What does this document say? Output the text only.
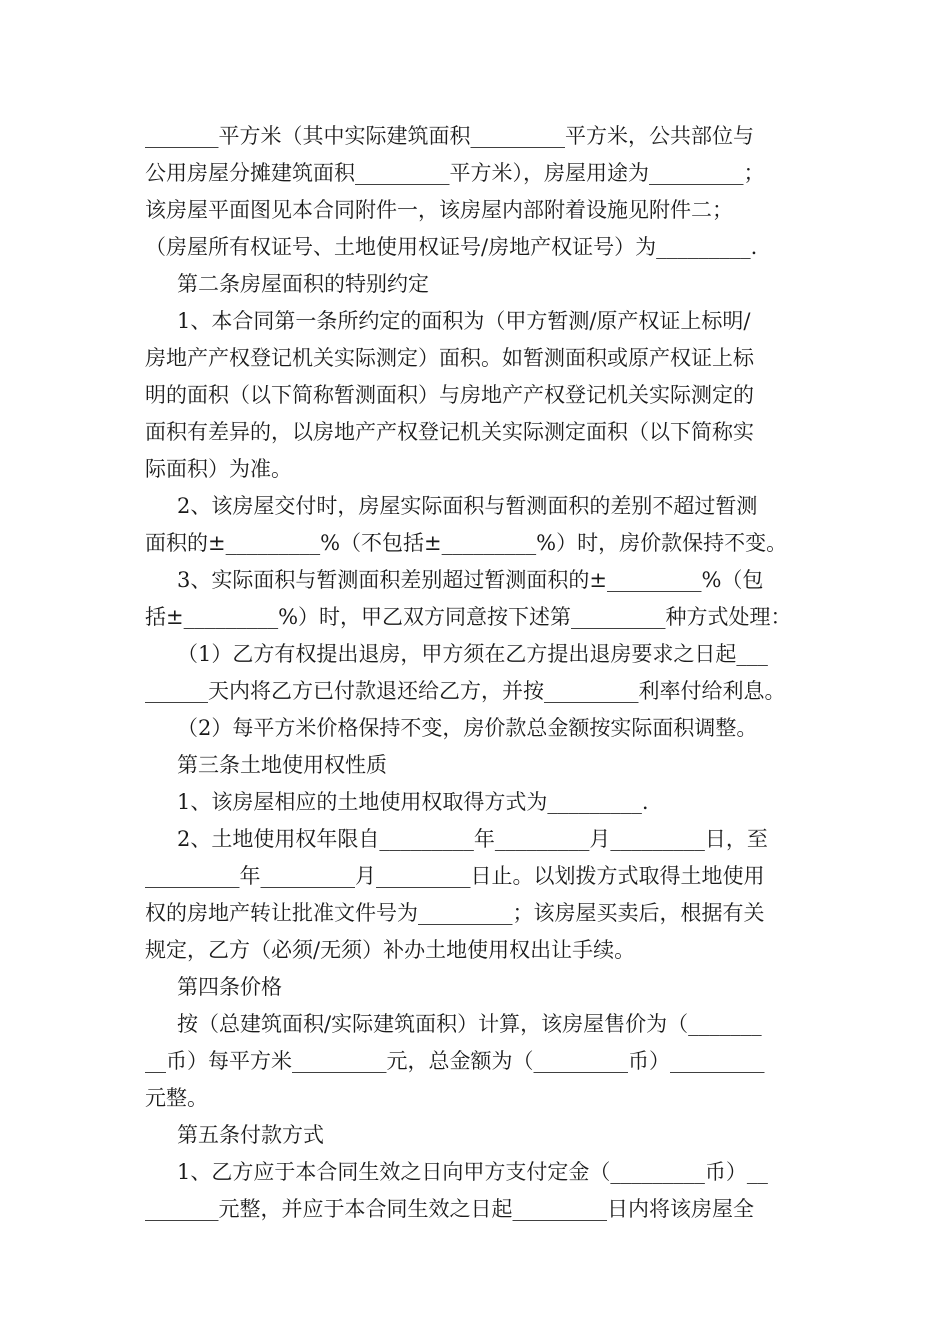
_______平方米（其中实际建筑面积_________平方米，公共部位与
公用房屋分摊建筑面积_________平方米），房屋用途为_________；
该房屋平面图见本合同附件一，该房屋内部附着设施见附件二；
（房屋所有权证号、土地使用权证号/房地产权证号）为_________.
第二条房屋面积的特别约定
1、本合同第一条所约定的面积为（甲方暂测/原产权证上标明/
房地产产权登记机关实际测定）面积。如暂测面积或原产权证上标
明的面积（以下简称暂测面积）与房地产产权登记机关实际测定的
面积有差异的，以房地产产权登记机关实际测定面积（以下简称实
际面积）为准。
2、该房屋交付时，房屋实际面积与暂测面积的差别不超过暂测
面积的±_________%（不包括±_________%）时，房价款保持不变。
3、实际面积与暂测面积差别超过暂测面积的±_________%（包
括±_________%）时，甲乙双方同意按下述第_________种方式处理：
（1）乙方有权提出退房，甲方须在乙方提出退房要求之日起___
______天内将乙方已付款退还给乙方，并按_________利率付给利息。
（2）每平方米价格保持不变，房价款总金额按实际面积调整。
第三条土地使用权性质
1、该房屋相应的土地使用权取得方式为_________.
2、土地使用权年限自_________年_________月_________日，至
_________年_________月_________日止。以划拨方式取得土地使用
权的房地产转让批准文件号为_________；该房屋买卖后，根据有关
规定，乙方（必须/无须）补办土地使用权出让手续。
第四条价格
按（总建筑面积/实际建筑面积）计算，该房屋售价为（_______
__币）每平方米_________元，总金额为（_________币）_________
元整。
第五条付款方式
1、乙方应于本合同生效之日向甲方支付定金（_________币）__
_______元整，并应于本合同生效之日起_________日内将该房屋全
